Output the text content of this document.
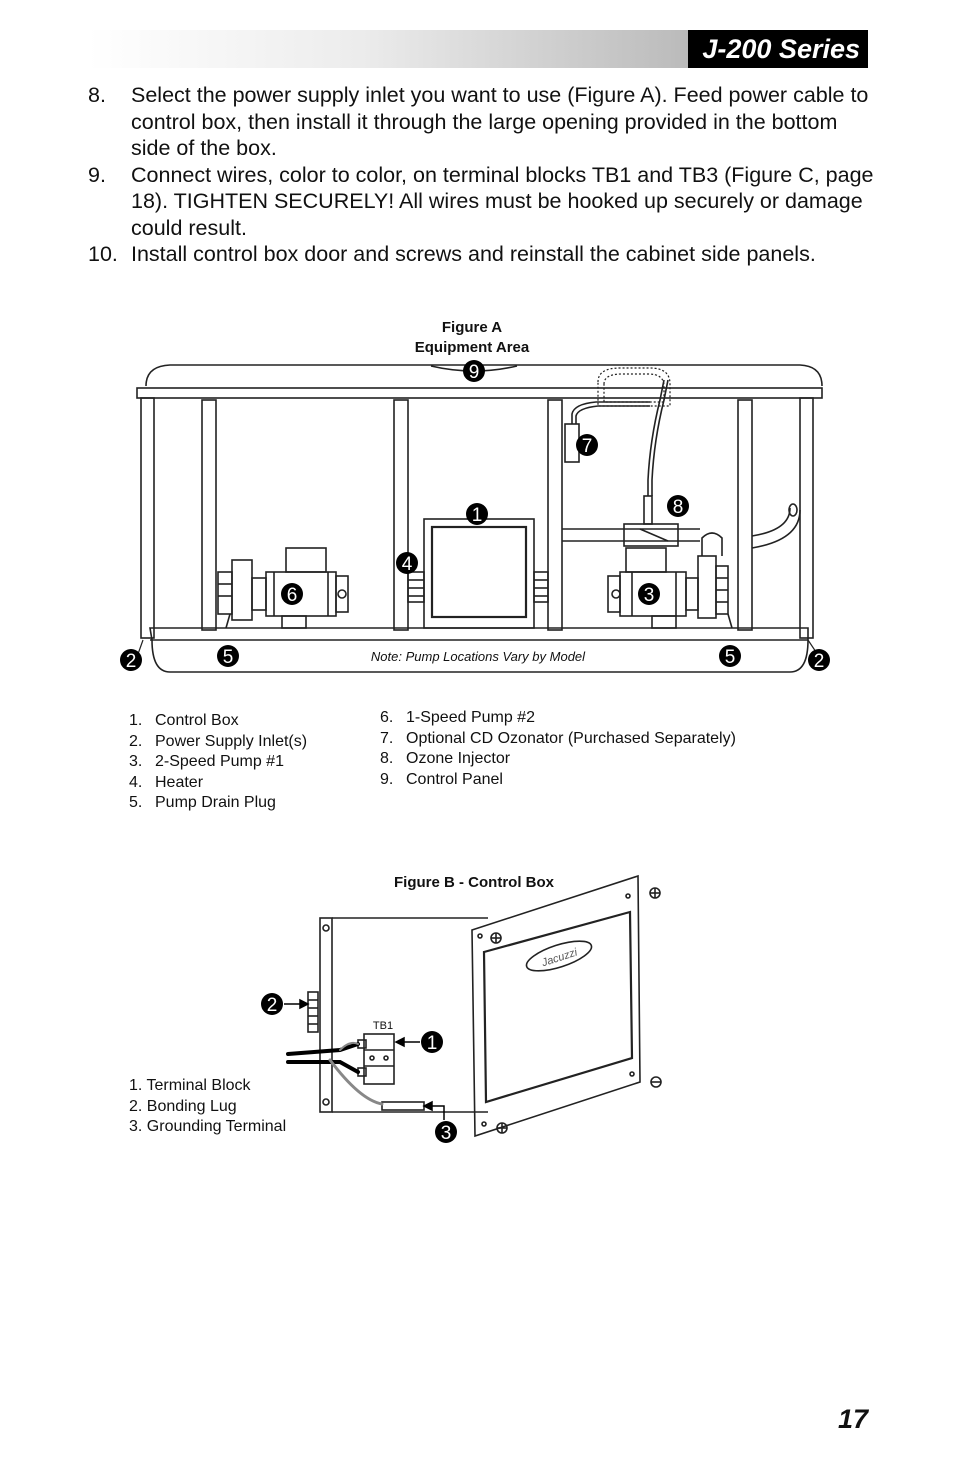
J-200 Series
8. Select the power supply inlet you want to use (Figure A). Feed power cable to control box, then install it through the large opening provided in the bottom side of the box.
9. Connect wires, color to color, on terminal blocks TB1 and TB3 (Figure C, page 18). TIGHTEN SECURELY! All wires must be hooked up securely or damage could result.
10. Install control box door and screws and reinstall the cabinet side panels.
Figure A
Equipment Area
9
7
8
1
4
6	3
5	5
2	2
Note: Pump Locations Vary by Model
1. Control Box
2. Power Supply Inlet(s)
3. 2-Speed Pump #1
4. Heater
5. Pump Drain Plug
6. 1-Speed Pump #2
7. Optional CD Ozonator (Purchased Separately)
8. Ozone Injector
9. Control Panel
Figure B - Control Box
TB1
Jacuzzi
2
1
3
1. Terminal Block
2. Bonding Lug
3. Grounding Terminal
17
